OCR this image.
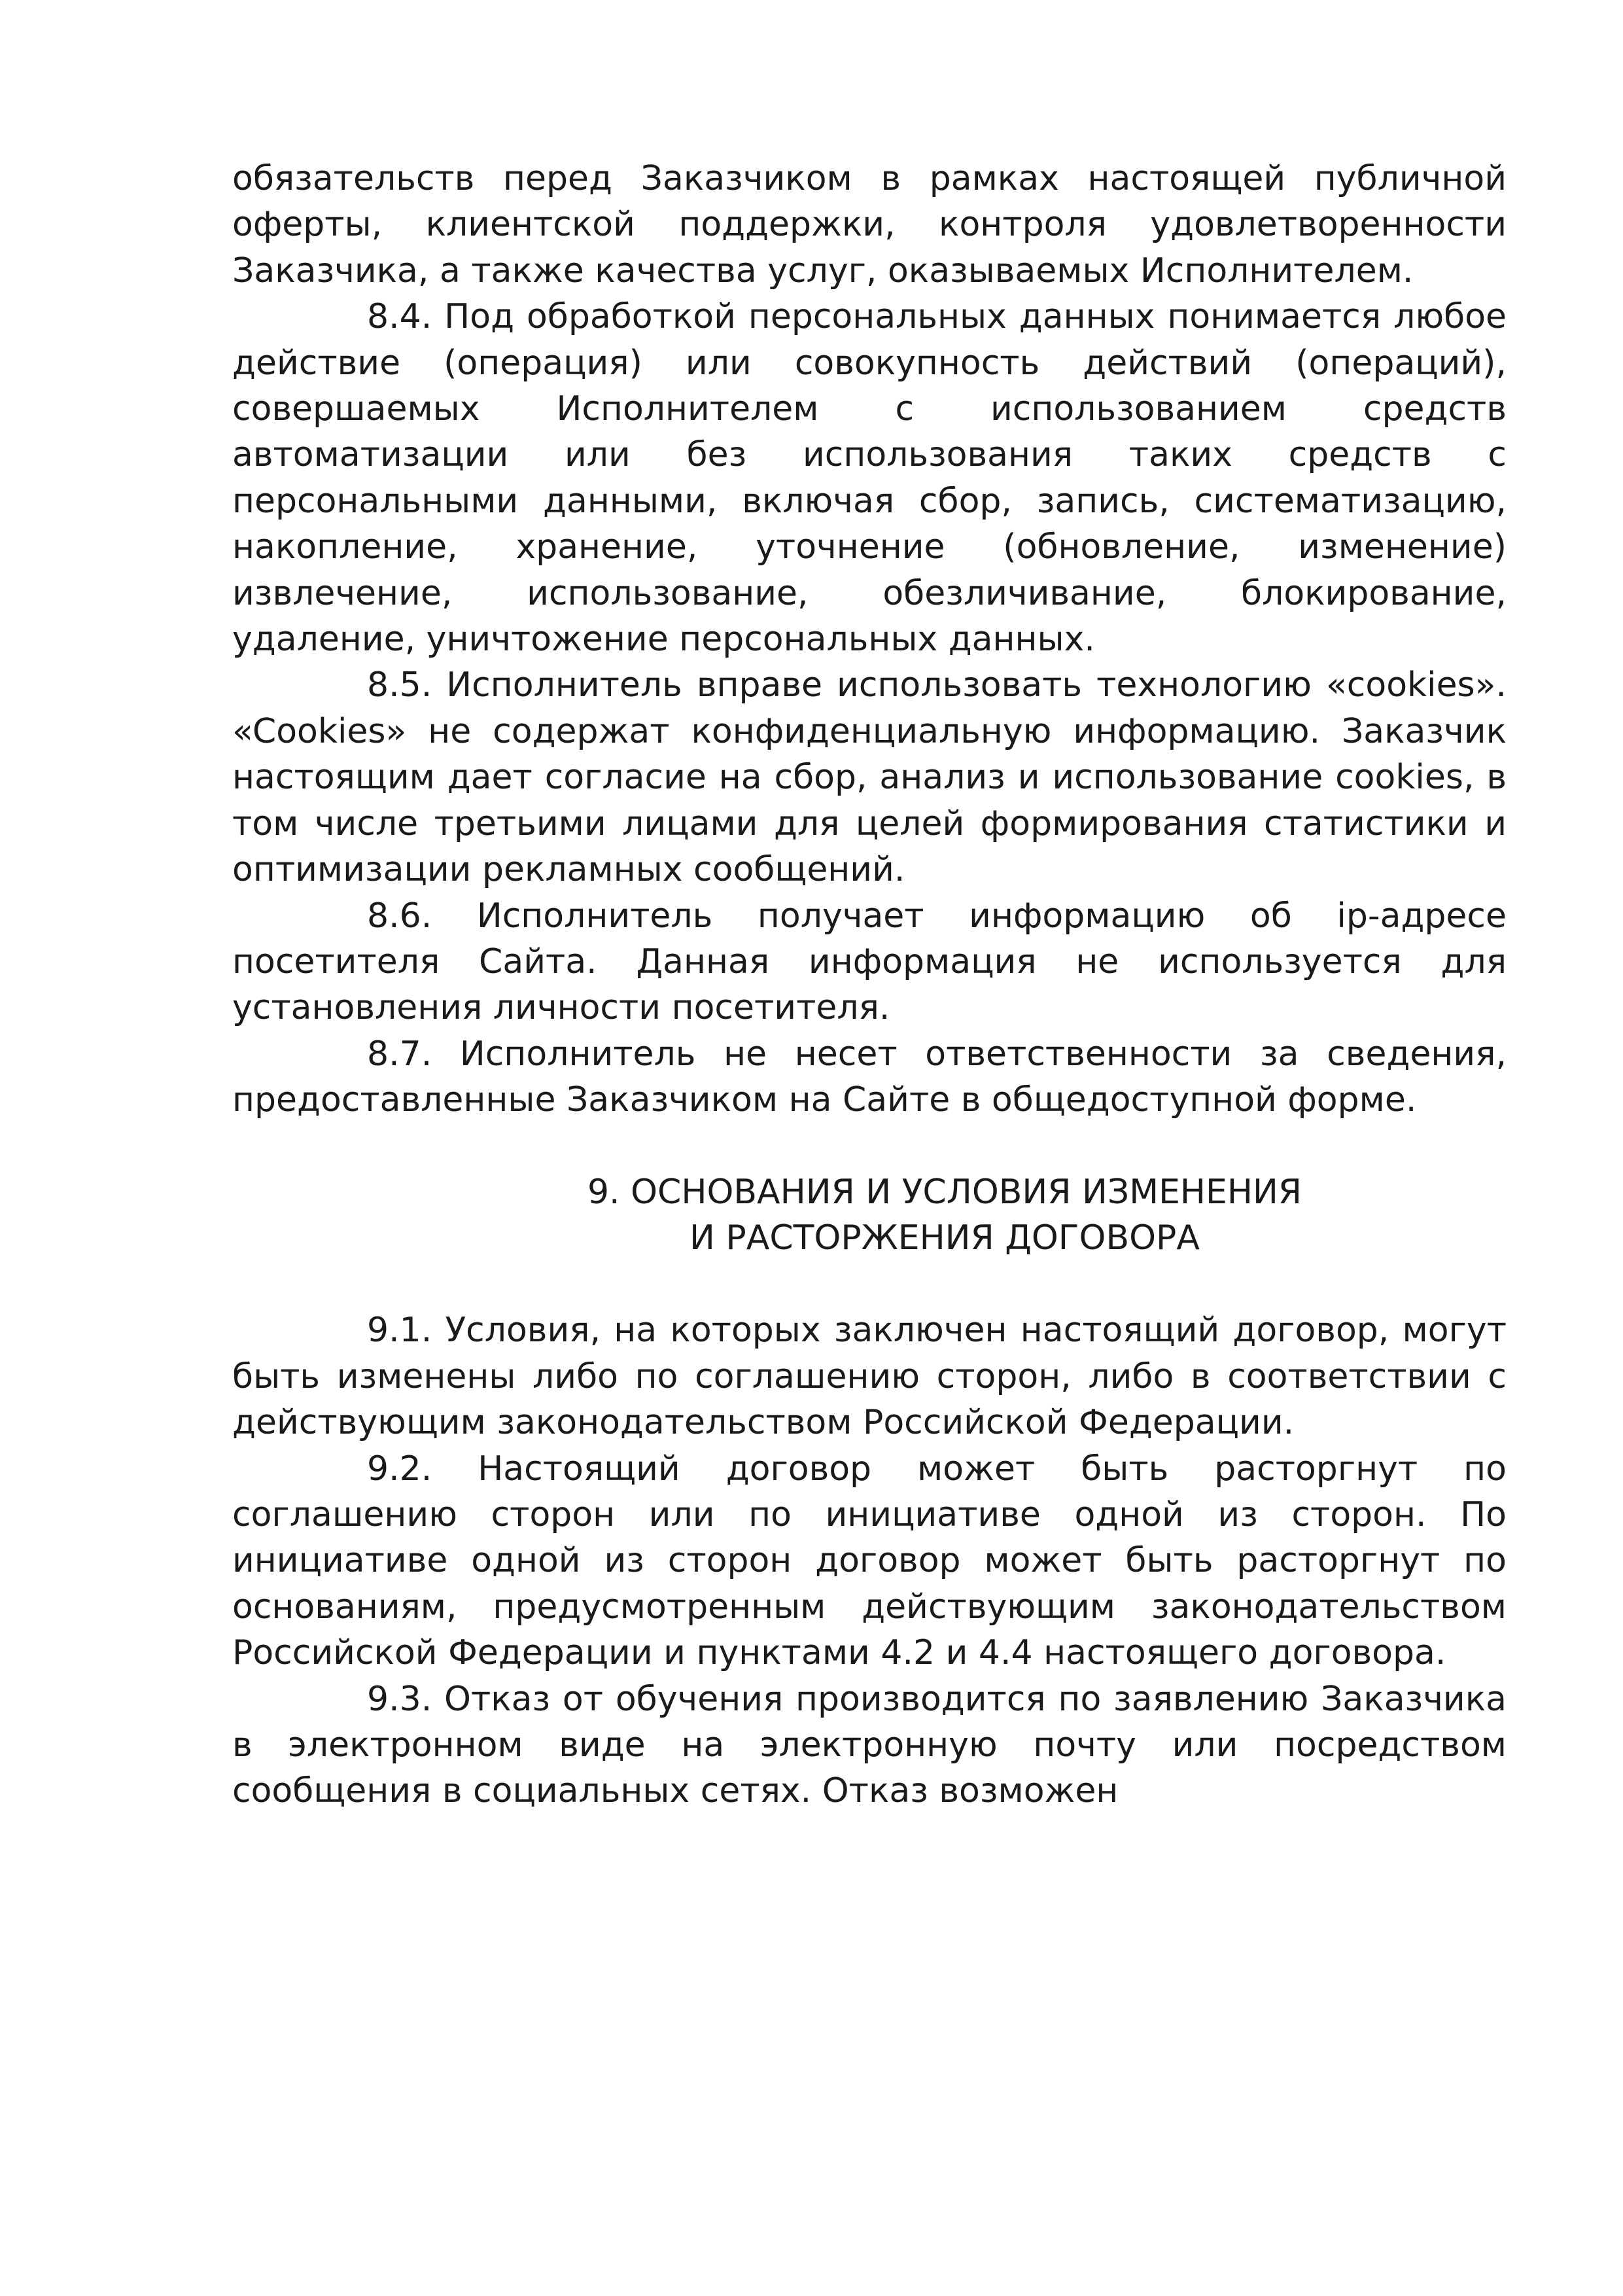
обязательств перед Заказчиком в рамках настоящей публичной оферты, клиентской поддержки, контроля удовлетворенности Заказчика, а также качества услуг, оказываемых Исполнителем.

8.4. Под обработкой персональных данных понимается любое действие (операция) или совокупность действий (операций), совершаемых Исполнителем с использованием средств автоматизации или без использования таких средств с персональными данными, включая сбор, запись, систематизацию, накопление, хранение, уточнение (обновление, изменение) извлечение, использование, обезличивание, блокирование, удаление, уничтожение персональных данных.

8.5. Исполнитель вправе использовать технологию «cookies». «Cookies» не содержат конфиденциальную информацию. Заказчик настоящим дает согласие на сбор, анализ и использование cookies, в том числе третьими лицами для целей формирования статистики и оптимизации рекламных сообщений.

8.6. Исполнитель получает информацию об ip-адресе посетителя Сайта. Данная информация не используется для установления личности посетителя.

8.7. Исполнитель не несет ответственности за сведения, предоставленные Заказчиком на Сайте в общедоступной форме.

9. ОСНОВАНИЯ И УСЛОВИЯ ИЗМЕНЕНИЯ

И РАСТОРЖЕНИЯ ДОГОВОРА

9.1. Условия, на которых заключен настоящий договор, могут быть изменены либо по соглашению сторон, либо в соответствии с действующим законодательством Российской Федерации.

9.2. Настоящий договор может быть расторгнут по соглашению сторон или по инициативе одной из сторон. По инициативе одной из сторон договор может быть расторгнут по основаниям, предусмотренным действующим законодательством Российской Федерации и пунктами 4.2 и 4.4 настоящего договора.

9.3. Отказ от обучения производится по заявлению Заказчика в электронном виде на электронную почту или посредством сообщения в социальных сетях. Отказ возможен
